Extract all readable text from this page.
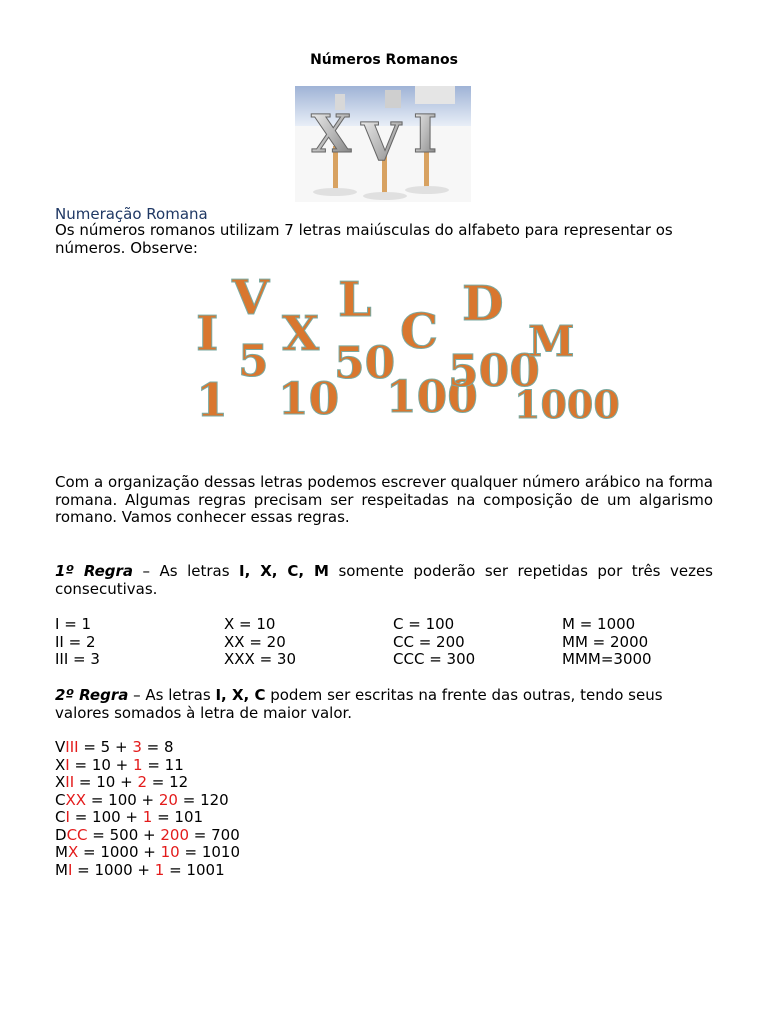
Números Romanos
X V I
Numeração Romana
Os números romanos utilizam 7 letras maiúsculas do alfabeto para representar os números. Observe:
I
1
V
5 X
10
L
50
C
100
D
500
M
1000
Com a organização dessas letras podemos escrever qualquer número arábico na forma romana. Algumas regras precisam ser respeitadas na composição de um algarismo romano. Vamos conhecer essas regras.
1º Regra – As letras I, X, C, M somente poderão ser repetidas por três vezes consecutivas.
I = 1
II = 2
III = 3
X = 10
XX = 20
XXX = 30
C = 100
CC = 200
CCC = 300
M = 1000
MM = 2000
MMM=3000
2º Regra – As letras I, X, C podem ser escritas na frente das outras, tendo seus valores somados à letra de maior valor.
VIII = 5 + 3 = 8
XI = 10 + 1 = 11
XII = 10 + 2 = 12
CXX = 100 + 20 = 120
CI = 100 + 1 = 101
DCC = 500 + 200 = 700
MX = 1000 + 10 = 1010
MI = 1000 + 1 = 1001
